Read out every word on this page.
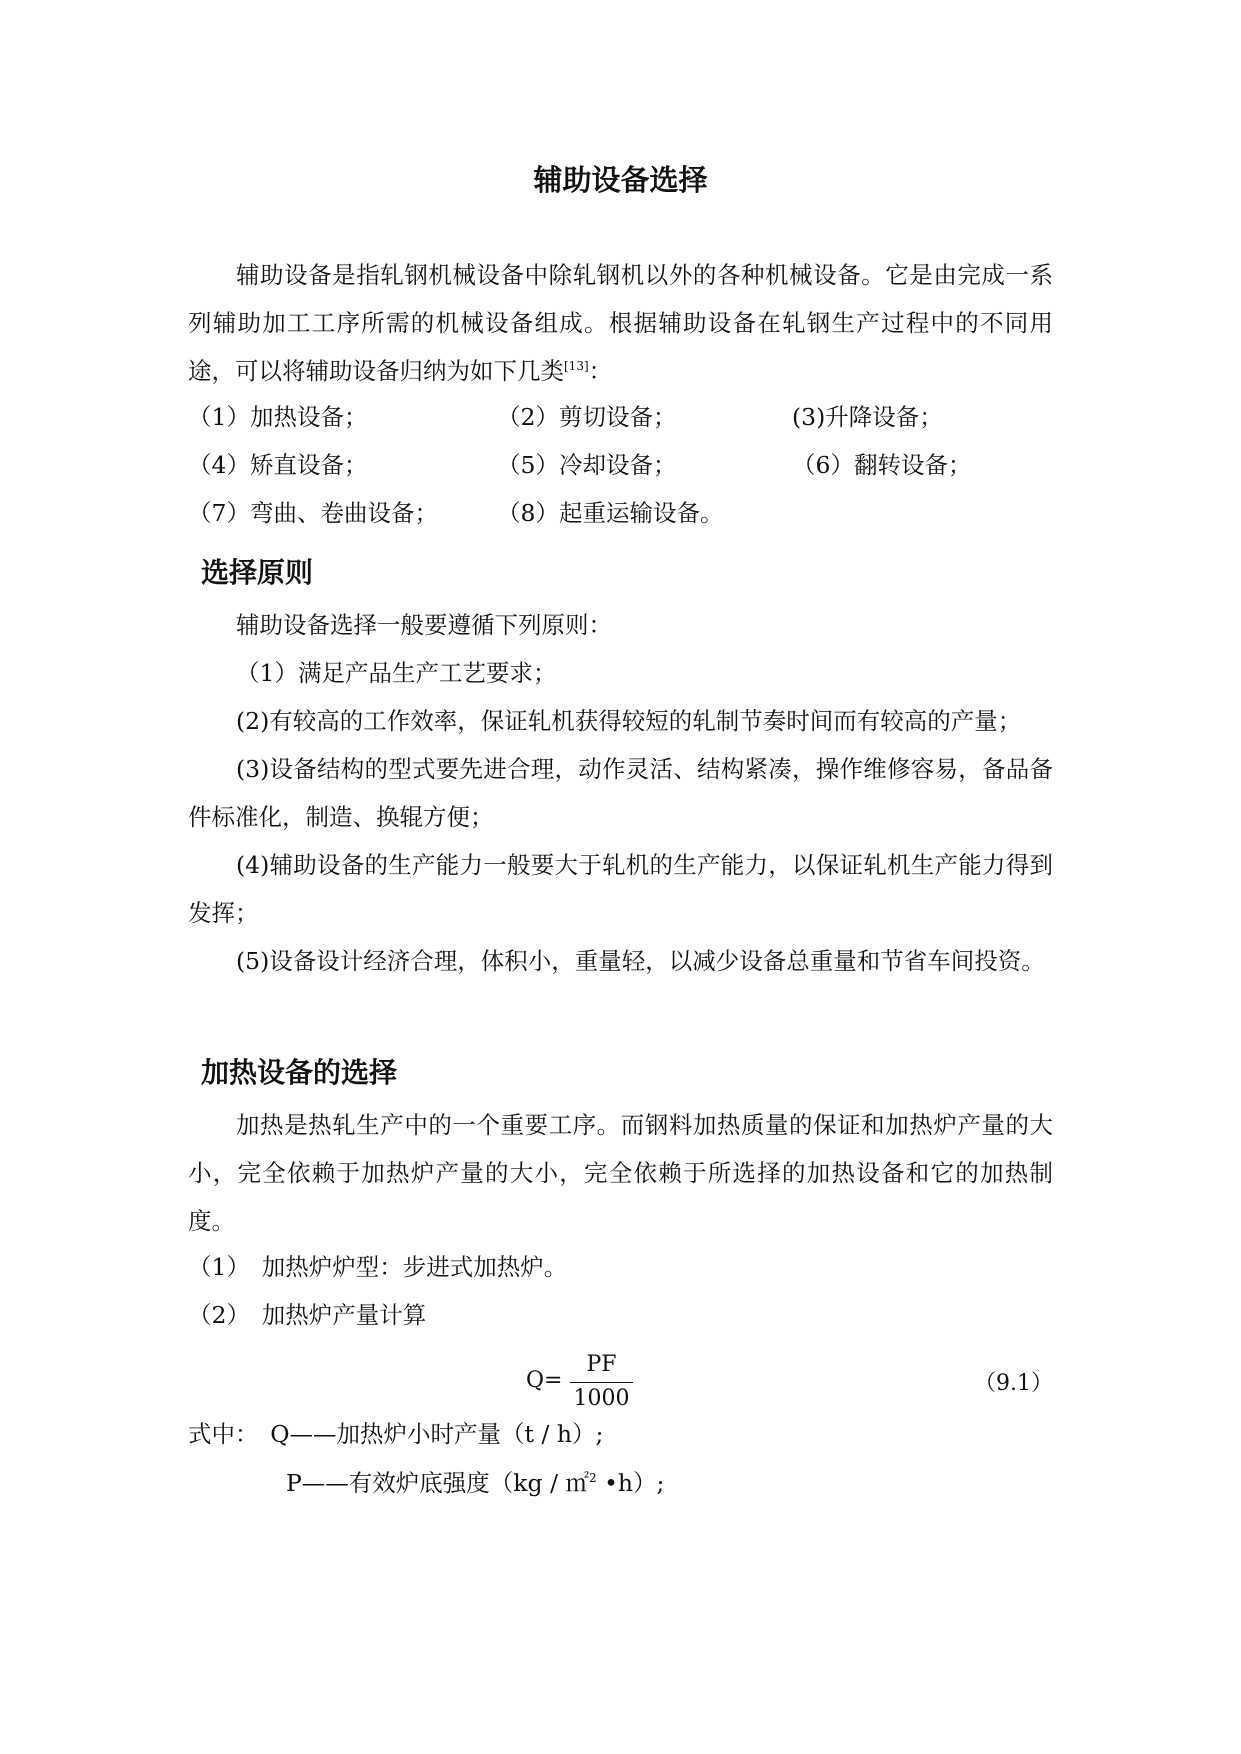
辅助设备选择
辅助设备是指轧钢机械设备中除轧钢机以外的各种机械设备。它是由完成一系列辅助加工工序所需的机械设备组成。根据辅助设备在轧钢生产过程中的不同用途，可以将辅助设备归纳为如下几类[13]：
（1）加热设备；	（2）剪切设备；	(3)升降设备；
（4）矫直设备；	（5）冷却设备；	（6）翻转设备；
（7）弯曲、卷曲设备；	（8）起重运输设备。
选择原则
辅助设备选择一般要遵循下列原则：
（1）满足产品生产工艺要求；
(2)有较高的工作效率，保证轧机获得较短的轧制节奏时间而有较高的产量；
(3)设备结构的型式要先进合理，动作灵活、结构紧凑，操作维修容易，备品备件标准化，制造、换辊方便；
(4)辅助设备的生产能力一般要大于轧机的生产能力，以保证轧机生产能力得到发挥；
(5)设备设计经济合理，体积小，重量轻，以减少设备总重量和节省车间投资。
加热设备的选择
加热是热轧生产中的一个重要工序。而钢料加热质量的保证和加热炉产量的大小，完全依赖于加热炉产量的大小，完全依赖于所选择的加热设备和它的加热制度。
（1）　加热炉炉型：步进式加热炉。
（2）　加热炉产量计算
Q=
PF
1000
（9.1）
式中：　Q——加热炉小时产量（t / h）;
P——有效炉底强度（kg / ㎡$^2$ •h）;
